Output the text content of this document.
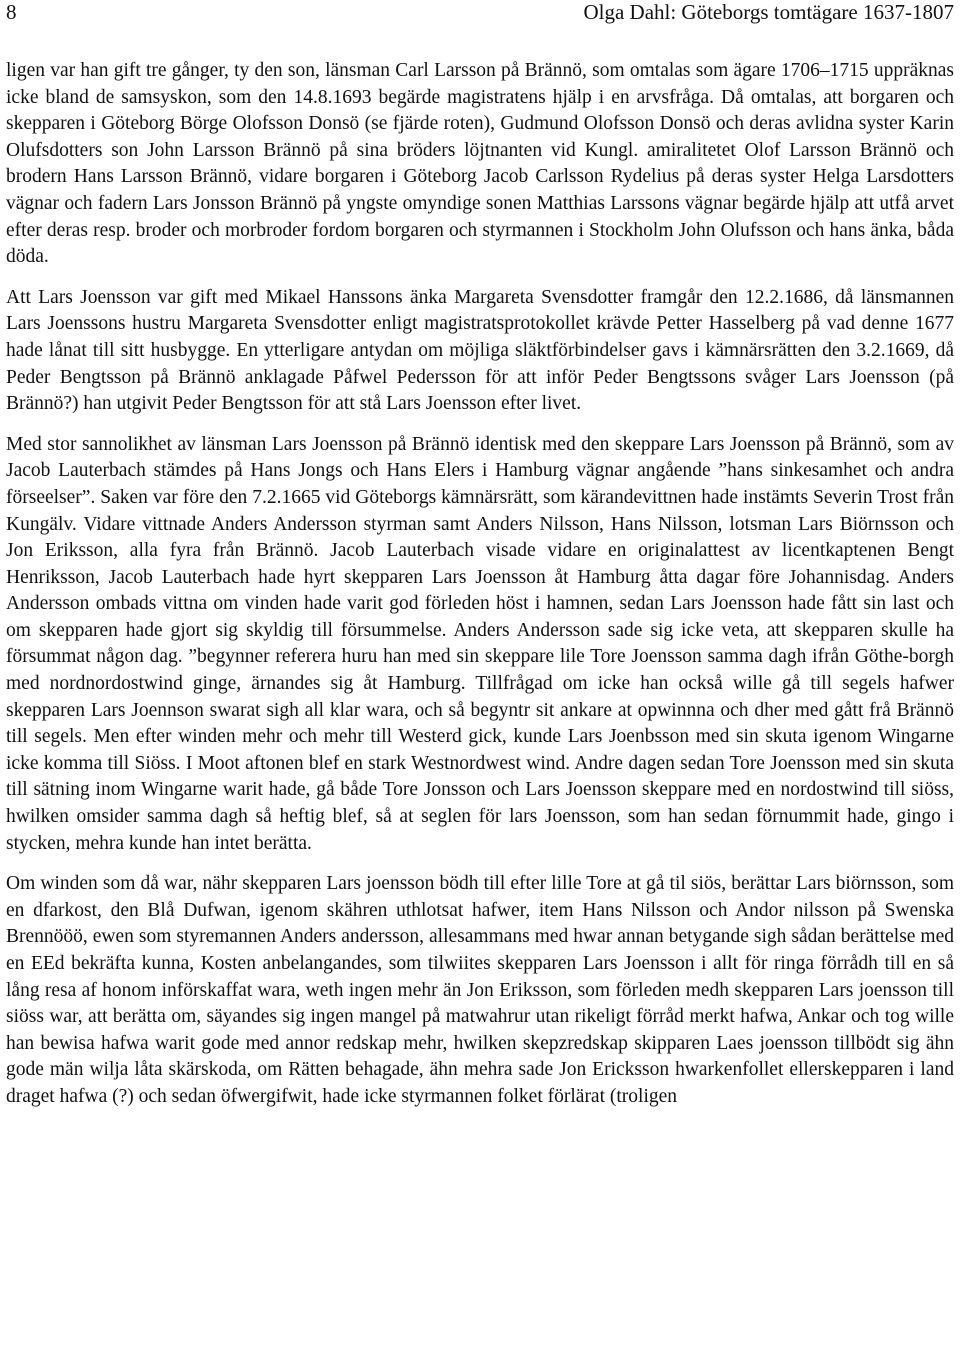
8	Olga Dahl: Göteborgs tomtägare 1637-1807

ligen var han gift tre gånger, ty den son, länsman Carl Larsson på Brännö, som omtalas som ägare 1706–1715 uppräknas icke bland de samsyskon, som den 14.8.1693 begärde magistratens hjälp i en arvsfråga. Då omtalas, att borgaren och skepparen i Göteborg Börge Olofsson Donsö (se fjärde roten), Gudmund Olofsson Donsö och deras avlidna syster Karin Olufsdotters son John Larsson Brännö på sina bröders löjtnanten vid Kungl. amiralitetet Olof Larsson Brännö och brodern Hans Larsson Brännö, vidare borgaren i Göteborg Jacob Carlsson Rydelius på deras syster Helga Larsdotters vägnar och fadern Lars Jonsson Brännö på yngste omyndige sonen Matthias Larssons vägnar begärde hjälp att utfå arvet efter deras resp. broder och morbroder fordom borgaren och styrmannen i Stockholm John Olufsson och hans änka, båda döda.

Att Lars Joensson var gift med Mikael Hanssons änka Margareta Svensdotter framgår den 12.2.1686, då länsmannen Lars Joenssons hustru Margareta Svensdotter enligt magistratsprotokollet krävde Petter Hasselberg på vad denne 1677 hade lånat till sitt husbygge. En ytterligare antydan om möjliga släktförbindelser gavs i kämnärsrätten den 3.2.1669, då Peder Bengtsson på Brännö anklagade Påfwel Pedersson för att inför Peder Bengtssons svåger Lars Joensson (på Brännö?) han utgivit Peder Bengtsson för att stå Lars Joensson efter livet.

Med stor sannolikhet av länsman Lars Joensson på Brännö identisk med den skeppare Lars Joensson på Brännö, som av Jacob Lauterbach stämdes på Hans Jongs och Hans Elers i Hamburg vägnar angående ”hans sinkesamhet och andra förseelser”. Saken var före den 7.2.1665 vid Göteborgs kämnärsrätt, som kärandevittnen hade instämts Severin Trost från Kungälv. Vidare vittnade Anders Andersson styrman samt Anders Nilsson, Hans Nilsson, lotsman Lars Biörnsson och Jon Eriksson, alla fyra från Brännö. Jacob Lauterbach visade vidare en originalattest av licentkaptenen Bengt Henriksson, Jacob Lauterbach hade hyrt skepparen Lars Joensson åt Hamburg åtta dagar före Johannisdag. Anders Andersson ombads vittna om vinden hade varit god förleden höst i hamnen, sedan Lars Joensson hade fått sin last och om skepparen hade gjort sig skyldig till försummelse. Anders Andersson sade sig icke veta, att skepparen skulle ha försummat någon dag. ”begynner referera huru han med sin skeppare lile Tore Joensson samma dagh ifrån Göthe-borgh med nordnordostwind ginge, ärnandes sig åt Hamburg. Tillfrågad om icke han också wille gå till segels hafwer skepparen Lars Joennson swarat sigh all klar wara, och så begyntr sit ankare at opwinnna och dher med gått frå Brännö till segels. Men efter winden mehr och mehr till Westerd gick, kunde Lars Joenbsson med sin skuta igenom Wingarne icke komma till Siöss. I Moot aftonen blef en stark Westnordwest wind. Andre dagen sedan Tore Joensson med sin skuta till sätning inom Wingarne warit hade, gå både Tore Jonsson och Lars Joensson skeppare med en nordostwind till siöss, hwilken omsider samma dagh så heftig blef, så at seglen för lars Joensson, som han sedan förnummit hade, gingo i stycken, mehra kunde han intet berätta.

Om winden som då war, nähr skepparen Lars joensson bödh till efter lille Tore at gå til siös, berättar Lars biörnsson, som en dfarkost, den Blå Dufwan, igenom skähren uthlotsat hafwer, item Hans Nilsson och Andor nilsson på Swenska Brennööö, ewen som styremannen Anders andersson, allesammans med hwar annan betygande sigh sådan berättelse med en EEd bekräfta kunna, Kosten anbelangandes, som tilwiites skepparen Lars Joensson i allt för ringa förrådh till en så lång resa af honom införskaffat wara, weth ingen mehr än Jon Eriksson, som förleden medh skepparen Lars joensson till siöss war, att berätta om, säyandes sig ingen mangel på matwahrur utan rikeligt förråd merkt hafwa, Ankar och tog wille han bewisa hafwa warit gode med annor redskap mehr, hwilken skepzredskap skipparen Laes joensson tillbödt sig ähn gode män wilja låta skärskoda, om Rätten behagade, ähn mehra sade Jon Ericksson hwarkenfollet ellerskepparen i land draget hafwa (?) och sedan öfwergifwit, hade icke styrmannen folket förlärat (troligen
